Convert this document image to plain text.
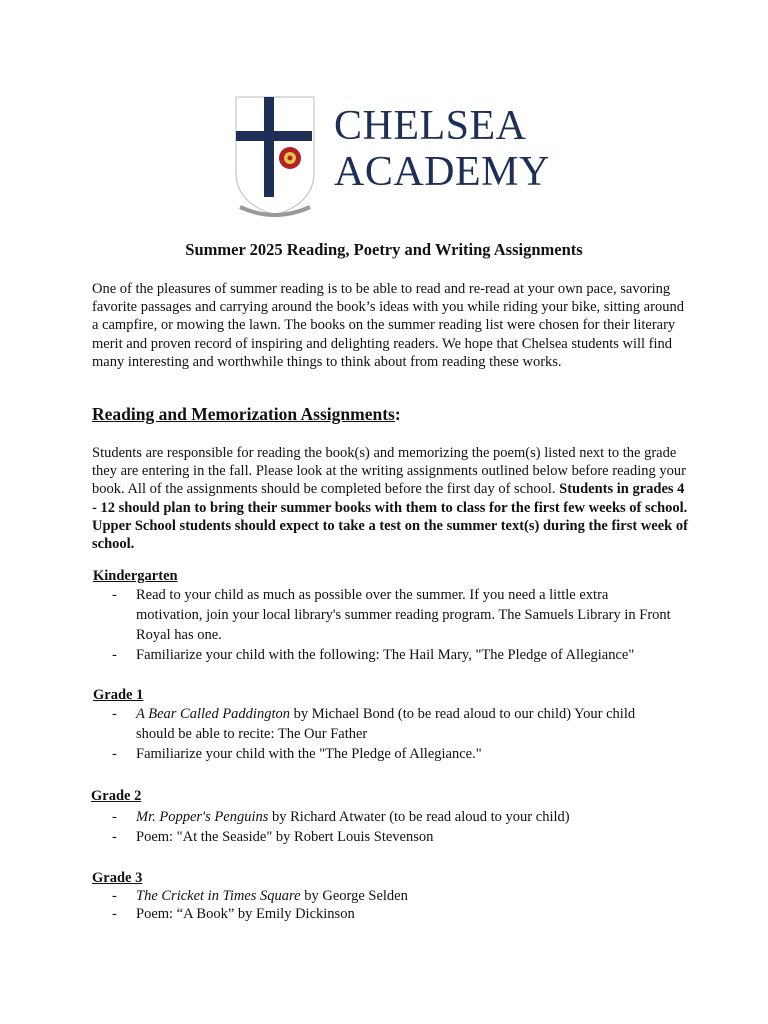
CHELSEA
ACADEMY
Summer 2025 Reading, Poetry and Writing Assignments
One of the pleasures of summer reading is to be able to read and re-read at your own pace, savoring favorite passages and carrying around the book’s ideas with you while riding your bike, sitting around a campfire, or mowing the lawn. The books on the summer reading list were chosen for their literary merit and proven record of inspiring and delighting readers. We hope that Chelsea students will find many interesting and worthwhile things to think about from reading these works.
Reading and Memorization Assignments:
Students are responsible for reading the book(s) and memorizing the poem(s) listed next to the grade they are entering in the fall. Please look at the writing assignments outlined below before reading your book. All of the assignments should be completed before the first day of school. Students in grades 4 - 12 should plan to bring their summer books with them to class for the first few weeks of school. Upper School students should expect to take a test on the summer text(s) during the first week of school.
Kindergarten
- Read to your child as much as possible over the summer. If you need a little extra motivation, join your local library's summer reading program. The Samuels Library in Front Royal has one.
- Familiarize your child with the following: The Hail Mary, "The Pledge of Allegiance"
Grade 1
- A Bear Called Paddington by Michael Bond (to be read aloud to our child) Your child should be able to recite: The Our Father
- Familiarize your child with the "The Pledge of Allegiance."
Grade 2
- Mr. Popper's Penguins by Richard Atwater (to be read aloud to your child)
- Poem: "At the Seaside" by Robert Louis Stevenson
Grade 3
- The Cricket in Times Square by George Selden
- Poem: “A Book” by Emily Dickinson
